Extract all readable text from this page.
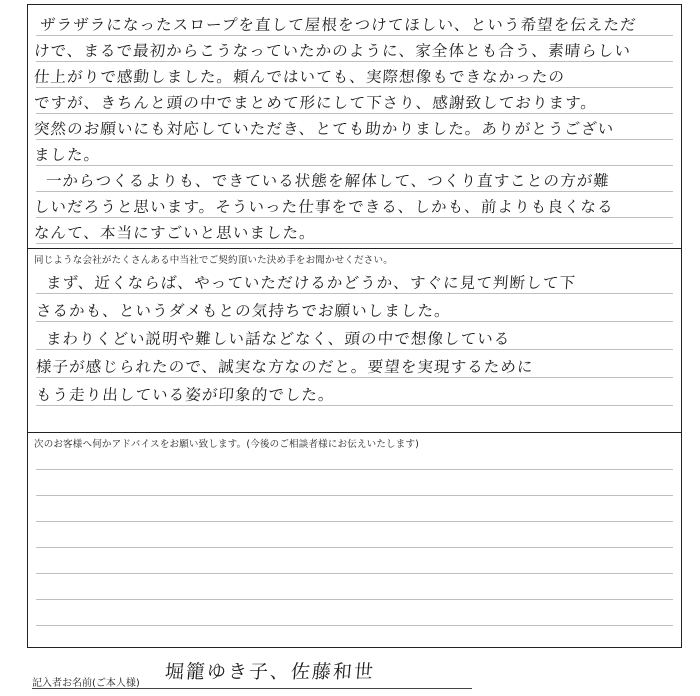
ザラザラになったスロープを直して屋根をつけてほしい、という希望を伝えただ
けで、まるで最初からこうなっていたかのように、家全体とも合う、素晴らしい
仕上がりで感動しました。頼んではいても、実際想像もできなかったの
ですが、きちんと頭の中でまとめて形にして下さり、感謝致しております。
突然のお願いにも対応していただき、とても助かりました。ありがとうござい
ました。
一からつくるよりも、できている状態を解体して、つくり直すことの方が難
しいだろうと思います。そういった仕事をできる、しかも、前よりも良くなる
なんて、本当にすごいと思いました。
同じような会社がたくさんある中当社でご契約頂いた決め手をお聞かせください。
まず、近くならば、やっていただけるかどうか、すぐに見て判断して下
さるかも、というダメもとの気持ちでお願いしました。
まわりくどい説明や難しい話などなく、頭の中で想像している
様子が感じられたので、誠実な方なのだと。要望を実現するために
もう走り出している姿が印象的でした。
次のお客様へ何かアドバイスをお願い致します。(今後のご相談者様にお伝えいたします)
記入者お名前(ご本人様)
堀籠ゆき子、佐藤和世
